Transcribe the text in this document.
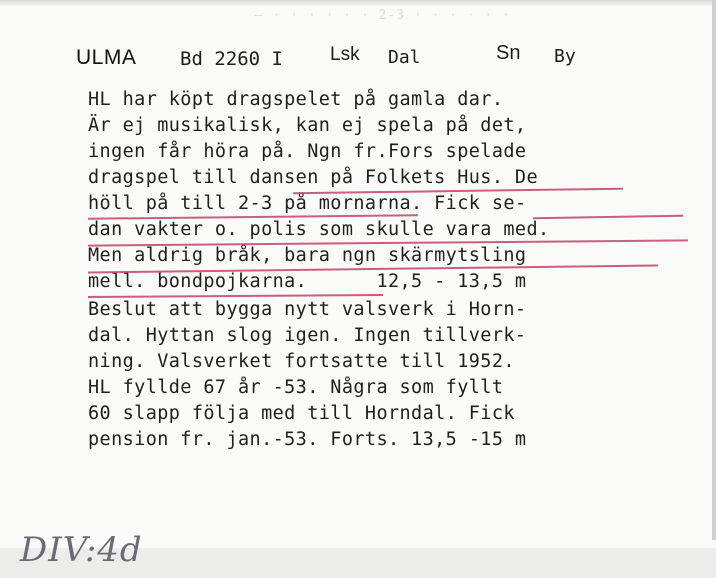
— · · · · · · 2-3 · · · · · ·
ULMA Bd 2260 I Lsk Dal	Sn By
HL har köpt dragspelet på gamla dar.
Är ej musikalisk, kan ej spela på det,
ingen får höra på. Ngn fr.Fors spelade
dragspel till dansen på Folkets Hus. De
höll på till 2-3 på mornarna. Fick se-
dan vakter o. polis som skulle vara med.
Men aldrig bråk, bara ngn skärmytsling
mell. bondpojkarna.      12,5 - 13,5 m
Beslut att bygga nytt valsverk i Horn-
dal. Hyttan slog igen. Ingen tillverk-
ning. Valsverket fortsatte till 1952.
HL fyllde 67 år -53. Några som fyllt
60 slapp följa med till Horndal. Fick
pension fr. jan.-53. Forts. 13,5 -15 m
DIV:4d
